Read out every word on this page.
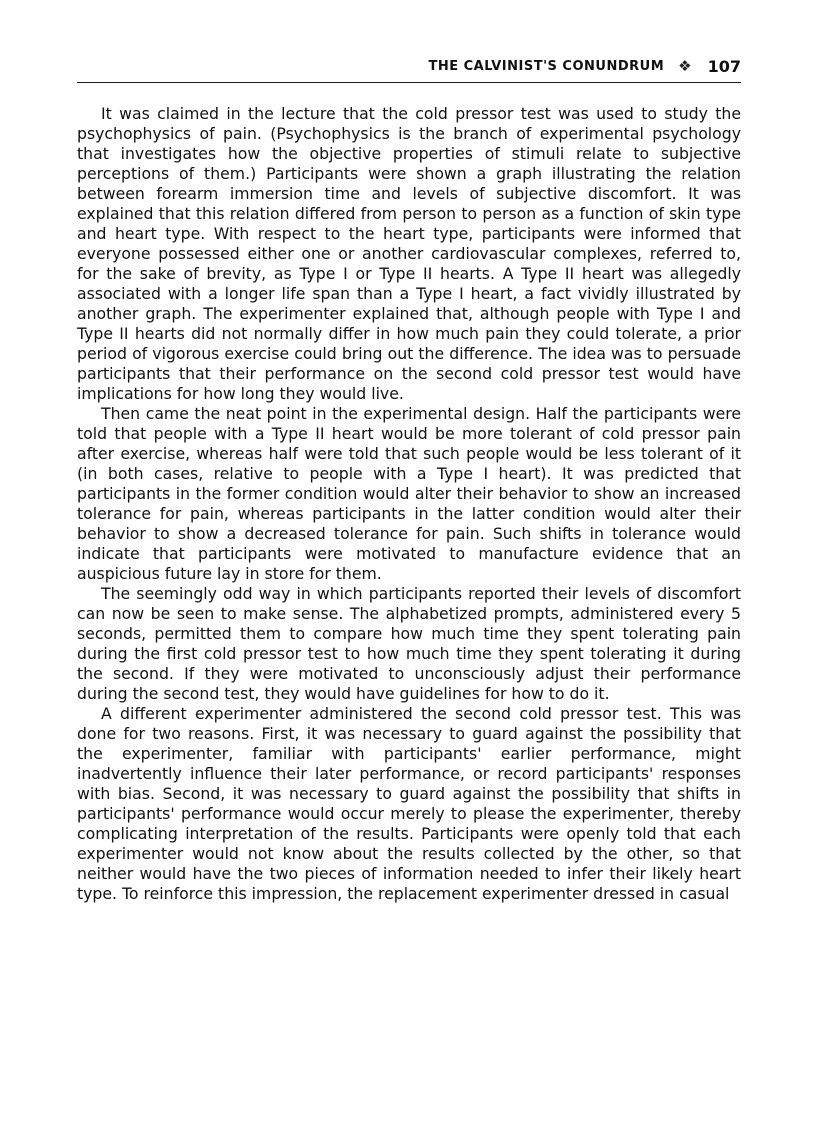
THE CALVINIST'S CONUNDRUM ❖ 107

It was claimed in the lecture that the cold pressor test was used to study the psychophysics of pain. (Psychophysics is the branch of experimental psychology that investigates how the objective properties of stimuli relate to subjective perceptions of them.) Participants were shown a graph illustrating the relation between forearm immersion time and levels of subjective discomfort. It was explained that this relation differed from person to person as a function of skin type and heart type. With respect to the heart type, participants were informed that everyone possessed either one or another cardiovascular complexes, referred to, for the sake of brevity, as Type I or Type II hearts. A Type II heart was allegedly associated with a longer life span than a Type I heart, a fact vividly illustrated by another graph. The experimenter explained that, although people with Type I and Type II hearts did not normally differ in how much pain they could tolerate, a prior period of vigorous exercise could bring out the difference. The idea was to persuade participants that their performance on the second cold pressor test would have implications for how long they would live.

Then came the neat point in the experimental design. Half the participants were told that people with a Type II heart would be more tolerant of cold pressor pain after exercise, whereas half were told that such people would be less tolerant of it (in both cases, relative to people with a Type I heart). It was predicted that participants in the former condition would alter their behavior to show an increased tolerance for pain, whereas participants in the latter condition would alter their behavior to show a decreased tolerance for pain. Such shifts in tolerance would indicate that participants were motivated to manufacture evidence that an auspicious future lay in store for them.

The seemingly odd way in which participants reported their levels of discomfort can now be seen to make sense. The alphabetized prompts, administered every 5 seconds, permitted them to compare how much time they spent tolerating pain during the first cold pressor test to how much time they spent tolerating it during the second. If they were motivated to unconsciously adjust their performance during the second test, they would have guidelines for how to do it.

A different experimenter administered the second cold pressor test. This was done for two reasons. First, it was necessary to guard against the possibility that the experimenter, familiar with participants' earlier performance, might inadvertently influence their later performance, or record participants' responses with bias. Second, it was necessary to guard against the possibility that shifts in participants' performance would occur merely to please the experimenter, thereby complicating interpretation of the results. Participants were openly told that each experimenter would not know about the results collected by the other, so that neither would have the two pieces of information needed to infer their likely heart type. To reinforce this impression, the replacement experimenter dressed in casual
